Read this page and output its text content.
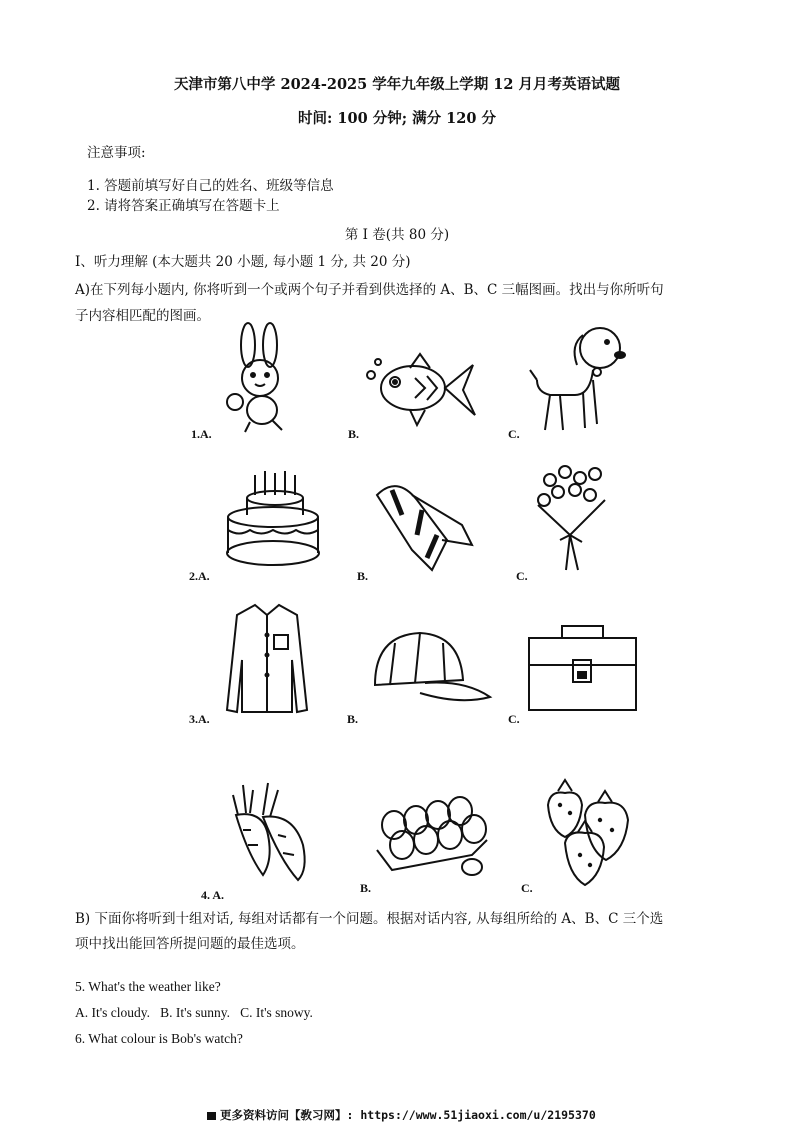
天津市第八中学 2024-2025 学年九年级上学期 12 月月考英语试题
时间: 100 分钟; 满分 120 分
注意事项:
1. 答题前填写好自己的姓名、班级等信息
2. 请将答案正确填写在答题卡上
第 I 卷(共 80 分)
I、听力理解 (本大题共 20 小题, 每小题 1 分, 共 20 分)
A)在下列每小题内, 你将听到一个或两个句子并看到供选择的 A、B、C 三幅图画。找出与你所听句
子内容相匹配的图画。
1.A.	B.	C.
2.A.	B.	C.
3.A.	B.	C.
4. A.	B.	C.
B) 下面你将听到十组对话, 每组对话都有一个问题。根据对话内容, 从每组所给的 A、B、C 三个选
项中找出能回答所提问题的最佳选项。
5. What's the weather like?
A. It's cloudy.   B. It's sunny.   C. It's snowy.
6. What colour is Bob's watch?
更多资料访问【敎习网】: https://www.51jiaoxi.com/u/2195370
